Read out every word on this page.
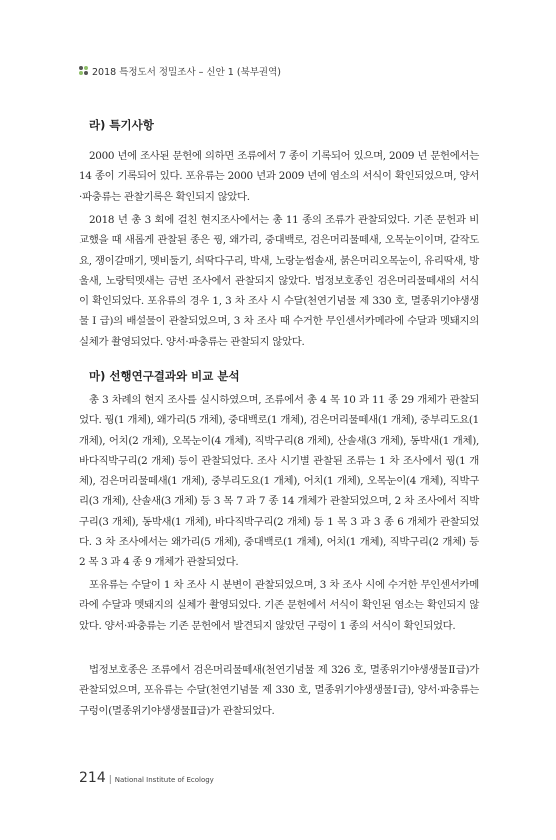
2018 특정도서 정밀조사 – 신안 1 (북부권역)
라) 특기사항

2000 년에 조사된 문헌에 의하면 조류에서 7 종이 기록되어 있으며, 2009 년 문헌에서는 14 종이 기록되어 있다. 포유류는 2000 년과 2009 년에 염소의 서식이 확인되었으며, 양서·파충류는 관찰기록은 확인되지 않았다.

2018 년 총 3 회에 걸친 현지조사에서는 총 11 종의 조류가 관찰되었다. 기존 문헌과 비교했을 때 새롭게 관찰된 종은 꿩, 왜가리, 중대백로, 검은머리물떼새, 오목눈이이며, 갈작도요, 쟁이갈매기, 멧비둘기, 쇠딱다구리, 박새, 노랑눈썹솔새, 붉은머리오목눈이, 유리딱새, 방울새, 노랑턱멧새는 금번 조사에서 관찰되지 않았다. 법정보호종인 검은머리물떼새의 서식이 확인되었다. 포유류의 경우 1, 3 차 조사 시 수달(천연기념물 제 330 호, 멸종위기야생생물 I 급)의 배설물이 관찰되었으며, 3 차 조사 때 수거한 무인센서카메라에 수달과 멧돼지의 실체가 촬영되었다. 양서·파충류는 관찰되지 않았다.

마) 선행연구결과와 비교 분석

총 3 차례의 현지 조사를 실시하였으며, 조류에서 총 4 목 10 과 11 종 29 개체가 관찰되었다. 꿩(1 개체), 왜가리(5 개체), 중대백로(1 개체), 검은머리물떼새(1 개체), 중부리도요(1 개체), 어치(2 개체), 오목눈이(4 개체), 직박구리(8 개체), 산솔새(3 개체), 동박새(1 개체), 바다직박구리(2 개체) 등이 관찰되었다. 조사 시기별 관찰된 조류는 1 차 조사에서 꿩(1 개체), 검은머리물떼새(1 개체), 중부리도요(1 개체), 어치(1 개체), 오목눈이(4 개체), 직박구리(3 개체), 산솔새(3 개체) 등 3 목 7 과 7 종 14 개체가 관찰되었으며, 2 차 조사에서 직박구리(3 개체), 동박새(1 개체), 바다직박구리(2 개체) 등 1 목 3 과 3 종 6 개체가 관찰되었다. 3 차 조사에서는 왜가리(5 개체), 중대백로(1 개체), 어치(1 개체), 직박구리(2 개체) 등 2 목 3 과 4 종 9 개체가 관찰되었다.

포유류는 수달이 1 차 조사 시 분변이 관찰되었으며, 3 차 조사 시에 수거한 무인센서카메라에 수달과 멧돼지의 실체가 촬영되었다. 기존 문헌에서 서식이 확인된 염소는 확인되지 않았다. 양서·파충류는 기존 문헌에서 발견되지 않았던 구렁이 1 종의 서식이 확인되었다.

법정보호종은 조류에서 검은머리물떼새(천연기념물 제 326 호, 멸종위기야생생물Ⅱ급)가 관찰되었으며, 포유류는 수달(천연기념물 제 330 호, 멸종위기야생생물Ⅰ급), 양서·파충류는 구렁이(멸종위기야생생물Ⅱ급)가 관찰되었다.

214 | National Institute of Ecology
